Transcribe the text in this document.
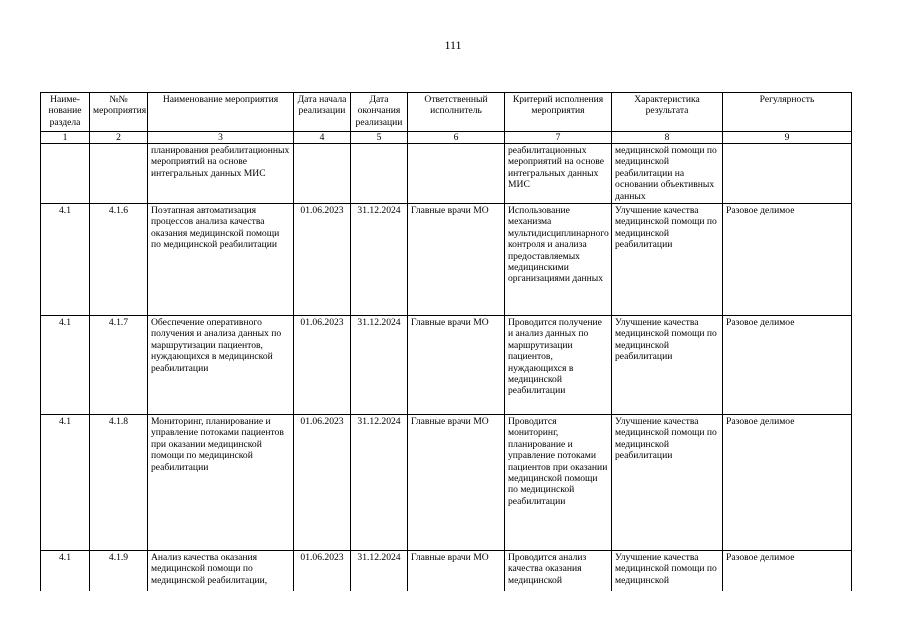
111
Наиме-нование раздела	№№ мероприятия	Наименование мероприятия	Дата начала реализации	Дата окончания реализации	Ответственный исполнитель	Критерий исполнения мероприятия	Характеристика результата	Регулярность
1	2	3	4	5	6	7	8	9
		планирования реабилитационных мероприятий на основе интегральных данных МИС				реабилитационных мероприятий на основе интегральных данных МИС	медицинской помощи по медицинской реабилитации на основании объективных данных	
4.1	4.1.6	Поэтапная автоматизация процессов анализа качества оказания медицинской помощи по медицинской реабилитации	01.06.2023	31.12.2024	Главные врачи МО	Использование механизма мультидисциплинарного контроля и анализа предоставляемых медицинскими организациями данных	Улучшение качества медицинской помощи по медицинской реабилитации	Разовое делимое
4.1	4.1.7	Обеспечение оперативного получения и анализа данных по маршрутизации пациентов, нуждающихся в медицинской реабилитации	01.06.2023	31.12.2024	Главные врачи МО	Проводится получение и анализ данных по маршрутизации пациентов, нуждающихся в медицинской реабилитации	Улучшение качества медицинской помощи по медицинской реабилитации	Разовое делимое
4.1	4.1.8	Мониторинг, планирование и управление потоками пациентов при оказании медицинской помощи по медицинской реабилитации	01.06.2023	31.12.2024	Главные врачи МО	Проводится мониторинг, планирование и управление потоками пациентов при оказании медицинской помощи по медицинской реабилитации	Улучшение качества медицинской помощи по медицинской реабилитации	Разовое делимое
4.1	4.1.9	Анализ качества оказания медицинской помощи по медицинской реабилитации,	01.06.2023	31.12.2024	Главные врачи МО	Проводится анализ качества оказания медицинской	Улучшение качества медицинской помощи по медицинской	Разовое делимое
